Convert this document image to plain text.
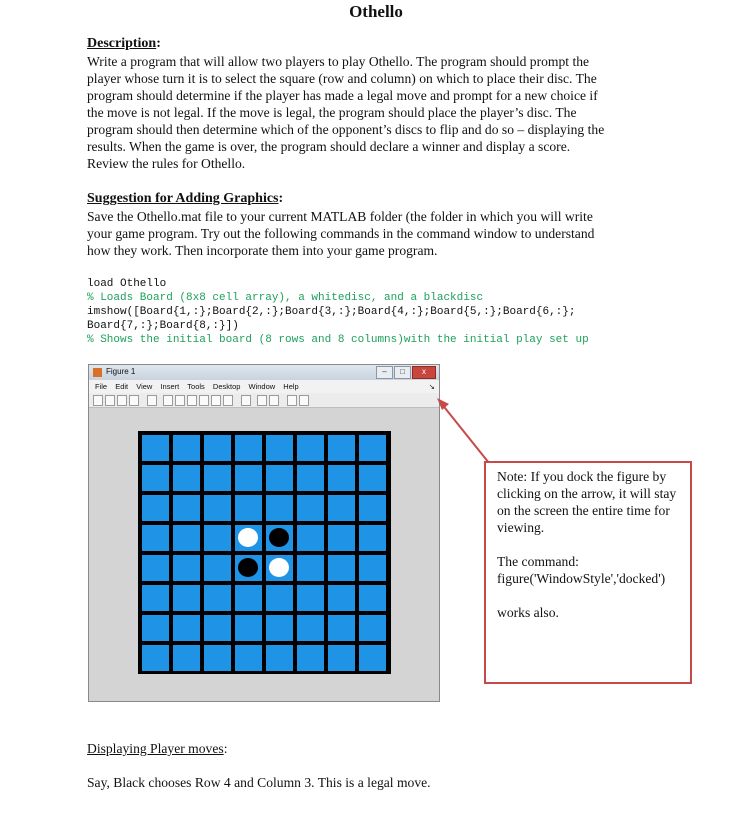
Othello
Description:
Write a program that will allow two players to play Othello. The program should prompt the
player whose turn it is to select the square (row and column) on which to place their disc. The
program should determine if the player has made a legal move and prompt for a new choice if
the move is not legal. If the move is legal, the program should place the player’s disc. The
program should then determine which of the opponent’s discs to flip and do so – displaying the
results. When the game is over, the program should declare a winner and display a score.
Review the rules for Othello.
Suggestion for Adding Graphics:
Save the Othello.mat file to your current MATLAB folder (the folder in which you will write
your game program. Try out the following commands in the command window to understand
how they work. Then incorporate them into your game program.
load Othello
% Loads Board (8x8 cell array), a whitedisc, and a blackdisc
imshow([Board{1,:};Board{2,:};Board{3,:};Board{4,:};Board{5,:};Board{6,:};
Board{7,:};Board{8,:}])
% Shows the initial board (8 rows and 8 columns)with the initial play set up
Figure 1	–	□	x
File Edit View Insert Tools Desktop Window Help	↘

Note: If you dock the figure by clicking on the arrow, it will stay on the screen the entire time for viewing.

The command:
figure('WindowStyle','docked')

works also.

Displaying Player moves:
Say, Black chooses Row 4 and Column 3. This is a legal move.
